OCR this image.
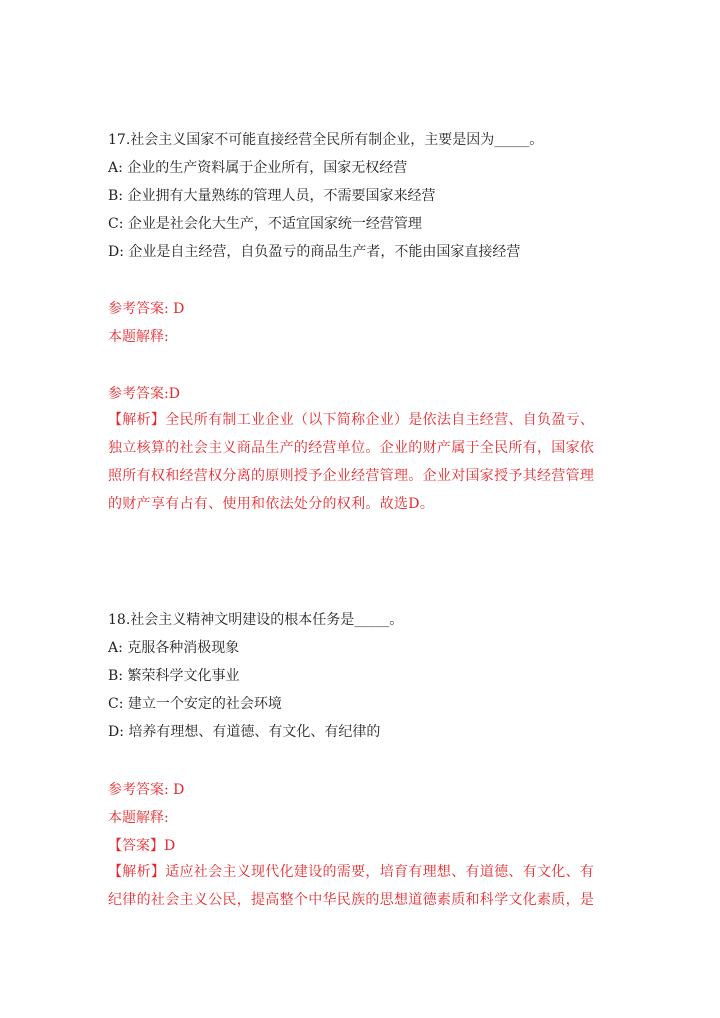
17.社会主义国家不可能直接经营全民所有制企业，主要是因为_____。
A: 企业的生产资料属于企业所有，国家无权经营
B: 企业拥有大量熟练的管理人员，不需要国家来经营
C: 企业是社会化大生产，不适宜国家统一经营管理
D: 企业是自主经营，自负盈亏的商品生产者，不能由国家直接经营
参考答案: D
本题解释:
参考答案:D
【解析】全民所有制工业企业（以下简称企业）是依法自主经营、自负盈亏、独立核算的社会主义商品生产的经营单位。企业的财产属于全民所有，国家依照所有权和经营权分离的原则授予企业经营管理。企业对国家授予其经营管理的财产享有占有、使用和依法处分的权利。故选D。
18.社会主义精神文明建设的根本任务是_____。
A: 克服各种消极现象
B: 繁荣科学文化事业
C: 建立一个安定的社会环境
D: 培养有理想、有道德、有文化、有纪律的
参考答案: D
本题解释:
【答案】D
【解析】适应社会主义现代化建设的需要，培育有理想、有道德、有文化、有纪律的社会主义公民，提高整个中华民族的思想道德素质和科学文化素质，是
